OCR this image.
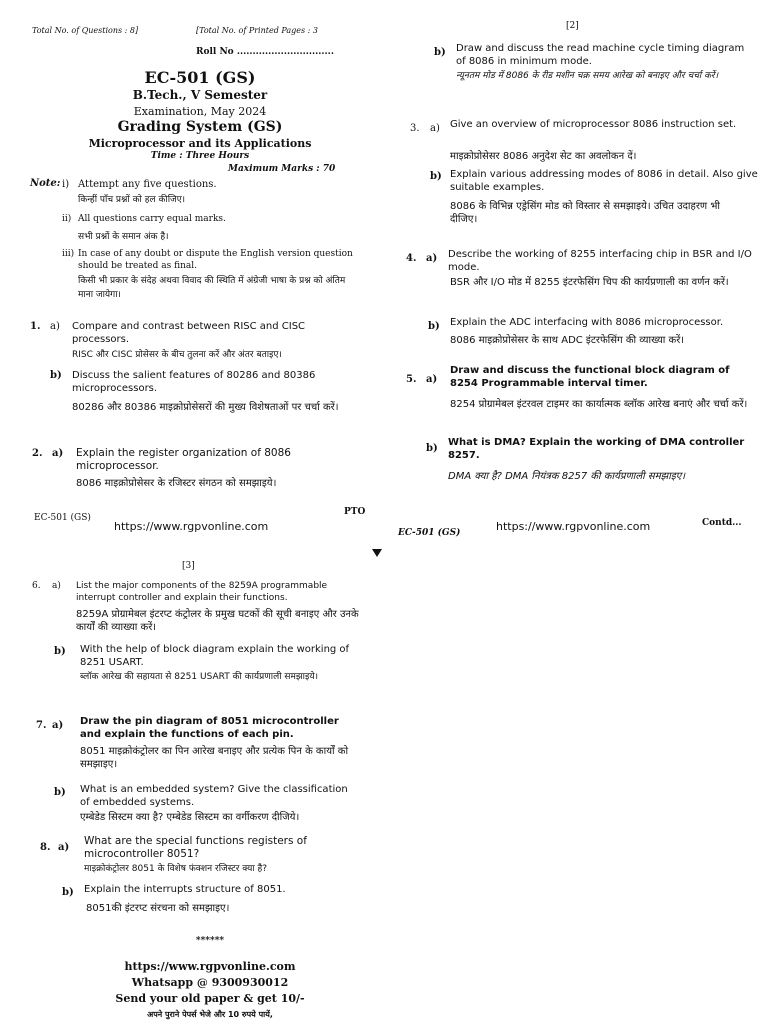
Total No. of Questions : 8]	[Total No. of Printed Pages : 3
Roll No ...............................
EC-501 (GS)
B.Tech., V Semester
Examination, May 2024
Grading System (GS)
Microprocessor and its Applications
Time : Three Hours
Maximum Marks : 70
Note: i) Attempt any five questions.
किन्हीं पाँच प्रश्नों को हल कीजिए।
ii) All questions carry equal marks.
सभी प्रश्नों के समान अंक है।
iii) In case of any doubt or dispute the English version question should be treated as final.
किसी भी प्रकार के संदेह अथवा विवाद की स्थिति में अंग्रेजी भाषा के प्रश्न को अंतिम माना जायेगा।
1. a) Compare and contrast between RISC and CISC processors.
RISC और CISC प्रोसेसर के बीच तुलना करें और अंतर बताइए।
b) Discuss the salient features of 80286 and 80386 microprocessors.
80286 और 80386 माइक्रोप्रोसेसरों की मुख्य विशेषताओं पर चर्चा करें।
2. a) Explain the register organization of 8086 microprocessor.
8086 माइक्रोप्रोसेसर के रजिस्टर संगठन को समझाइये।
EC-501 (GS)
PTO
https://www.rgpvonline.com
[2]
b) Draw and discuss the read machine cycle timing diagram of 8086 in minimum mode.
न्यूनतम मोड में 8086 के रीड मशीन चक्र समय आरेख को बनाइए और चर्चा करें।
3. a) Give an overview of microprocessor 8086 instruction set.
माइक्रोप्रोसेसर 8086 अनुदेश सेट का अवलोकन दें।
b) Explain various addressing modes of 8086 in detail. Also give suitable examples.
8086 के विभिन्न एड्रेसिंग मोड को विस्तार से समझाइये। उचित उदाहरण भी दीजिए।
4. a) Describe the working of 8255 interfacing chip in BSR and I/O mode.
BSR और I/O मोड में 8255 इंटरफेसिंग चिप की कार्यप्रणाली का वर्णन करें।
b) Explain the ADC interfacing with 8086 microprocessor.
8086 माइक्रोप्रोसेसर के साथ ADC इंटरफेसिंग की व्याख्या करें।
5. a)
Draw and discuss the functional block diagram of 8254 Programmable interval timer.
8254 प्रोग्रामेबल इंटरवल टाइमर का कार्यात्मक ब्लॉक आरेख बनाएं और चर्चा करें।
b)
What is DMA? Explain the working of DMA controller 8257.
DMA क्या है? DMA नियंत्रक 8257 की कार्यप्रणाली समझाइए।
EC-501 (GS)	https://www.rgpvonline.com	Contd...
[3]
6. a) List the major components of the 8259A programmable interrupt controller and explain their functions.
8259A प्रोग्रामेबल इंटरप्ट कंट्रोलर के प्रमुख घटकों की सूची बनाइए और उनके कार्यों की व्याख्या करें।
b) With the help of block diagram explain the working of 8251 USART.
ब्लॉक आरेख की सहायता से 8251 USART की कार्यप्रणाली समझाइये।
7. a) Draw the pin diagram of 8051 microcontroller and explain the functions of each pin.
8051 माइक्रोकंट्रोलर का पिन आरेख बनाइए और प्रत्येक पिन के कार्यों को समझाइए।
b) What is an embedded system? Give the classification of embedded systems.
एम्बेडेड सिस्टम क्या है? एम्बेडेड सिस्टम का वर्गीकरण दीजिये।
8. a)
What are the special functions registers of microcontroller 8051?
माइक्रोकंट्रोलर 8051 के विशेष फंक्शन रजिस्टर क्या है?
b) Explain the interrupts structure of 8051.
8051की इंटरप्ट संरचना को समझाइए।
******
https://www.rgpvonline.com
Whatsapp @ 9300930012
Send your old paper & get 10/-
अपने पुराने पेपर्स भेजे और 10 रुपये पायें,
